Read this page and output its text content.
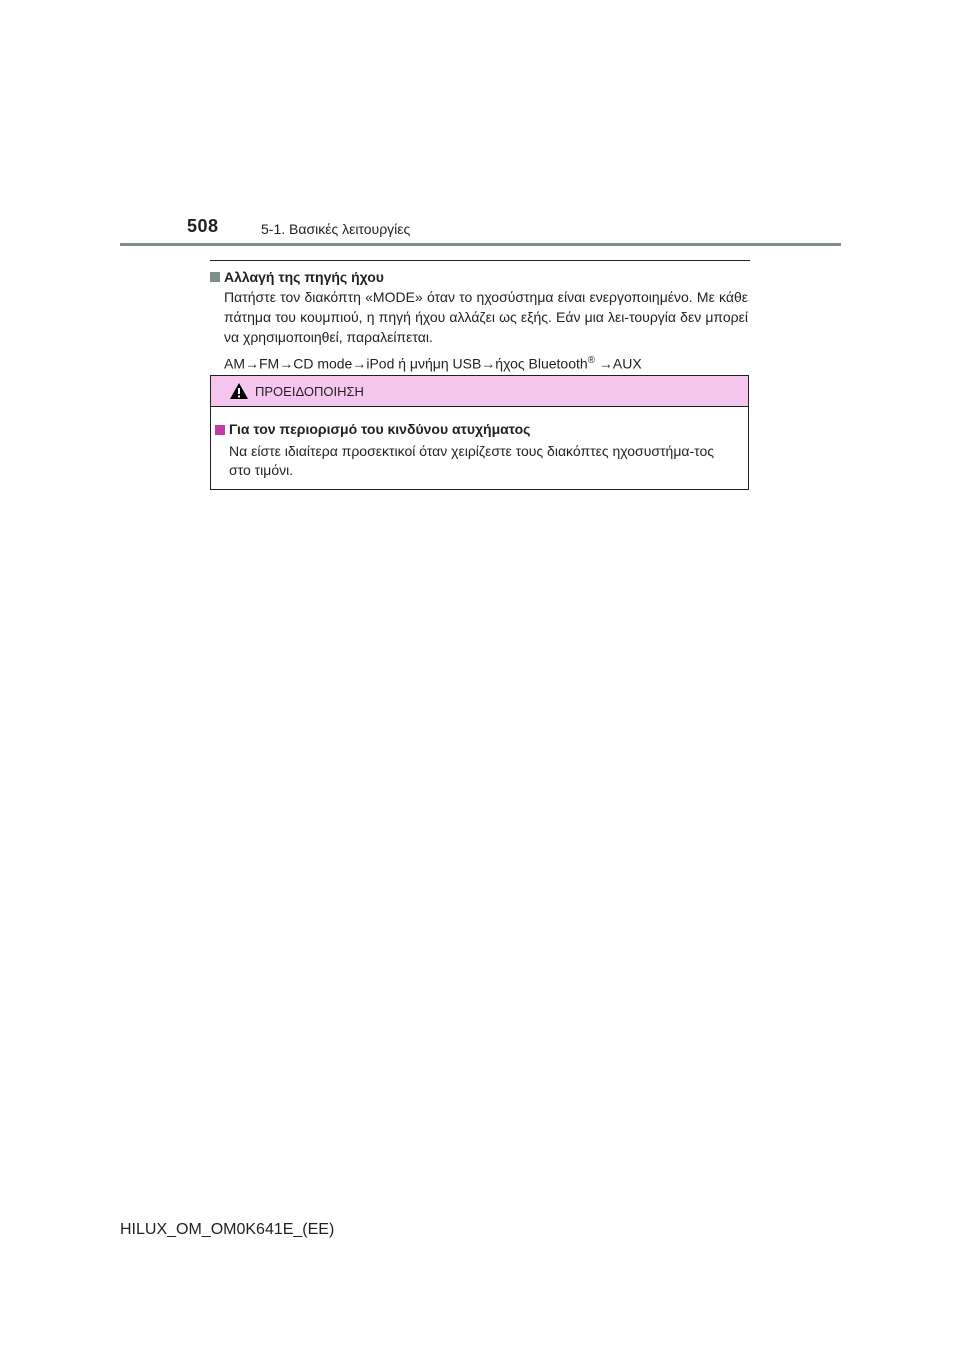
508	5-1. Βασικές λειτουργίες
Αλλαγή της πηγής ήχου

Πατήστε τον διακόπτη «MODE» όταν το ηχοσύστημα είναι ενεργοποιημένο. Με κάθε πάτημα του κουμπιού, η πηγή ήχου αλλάζει ως εξής. Εάν μια λει-τουργία δεν μπορεί να χρησιμοποιηθεί, παραλείπεται.

AM→FM→CD mode→iPod ή μνήμη USB→ήχος Bluetooth® →AUX

ΠΡΟΕΙΔΟΠΟΙΗΣΗ
Για τον περιορισμό του κινδύνου ατυχήματος

Να είστε ιδιαίτερα προσεκτικοί όταν χειρίζεστε τους διακόπτες ηχοσυστήμα-τος στο τιμόνι.

HILUX_OM_OM0K641E_(EE)
